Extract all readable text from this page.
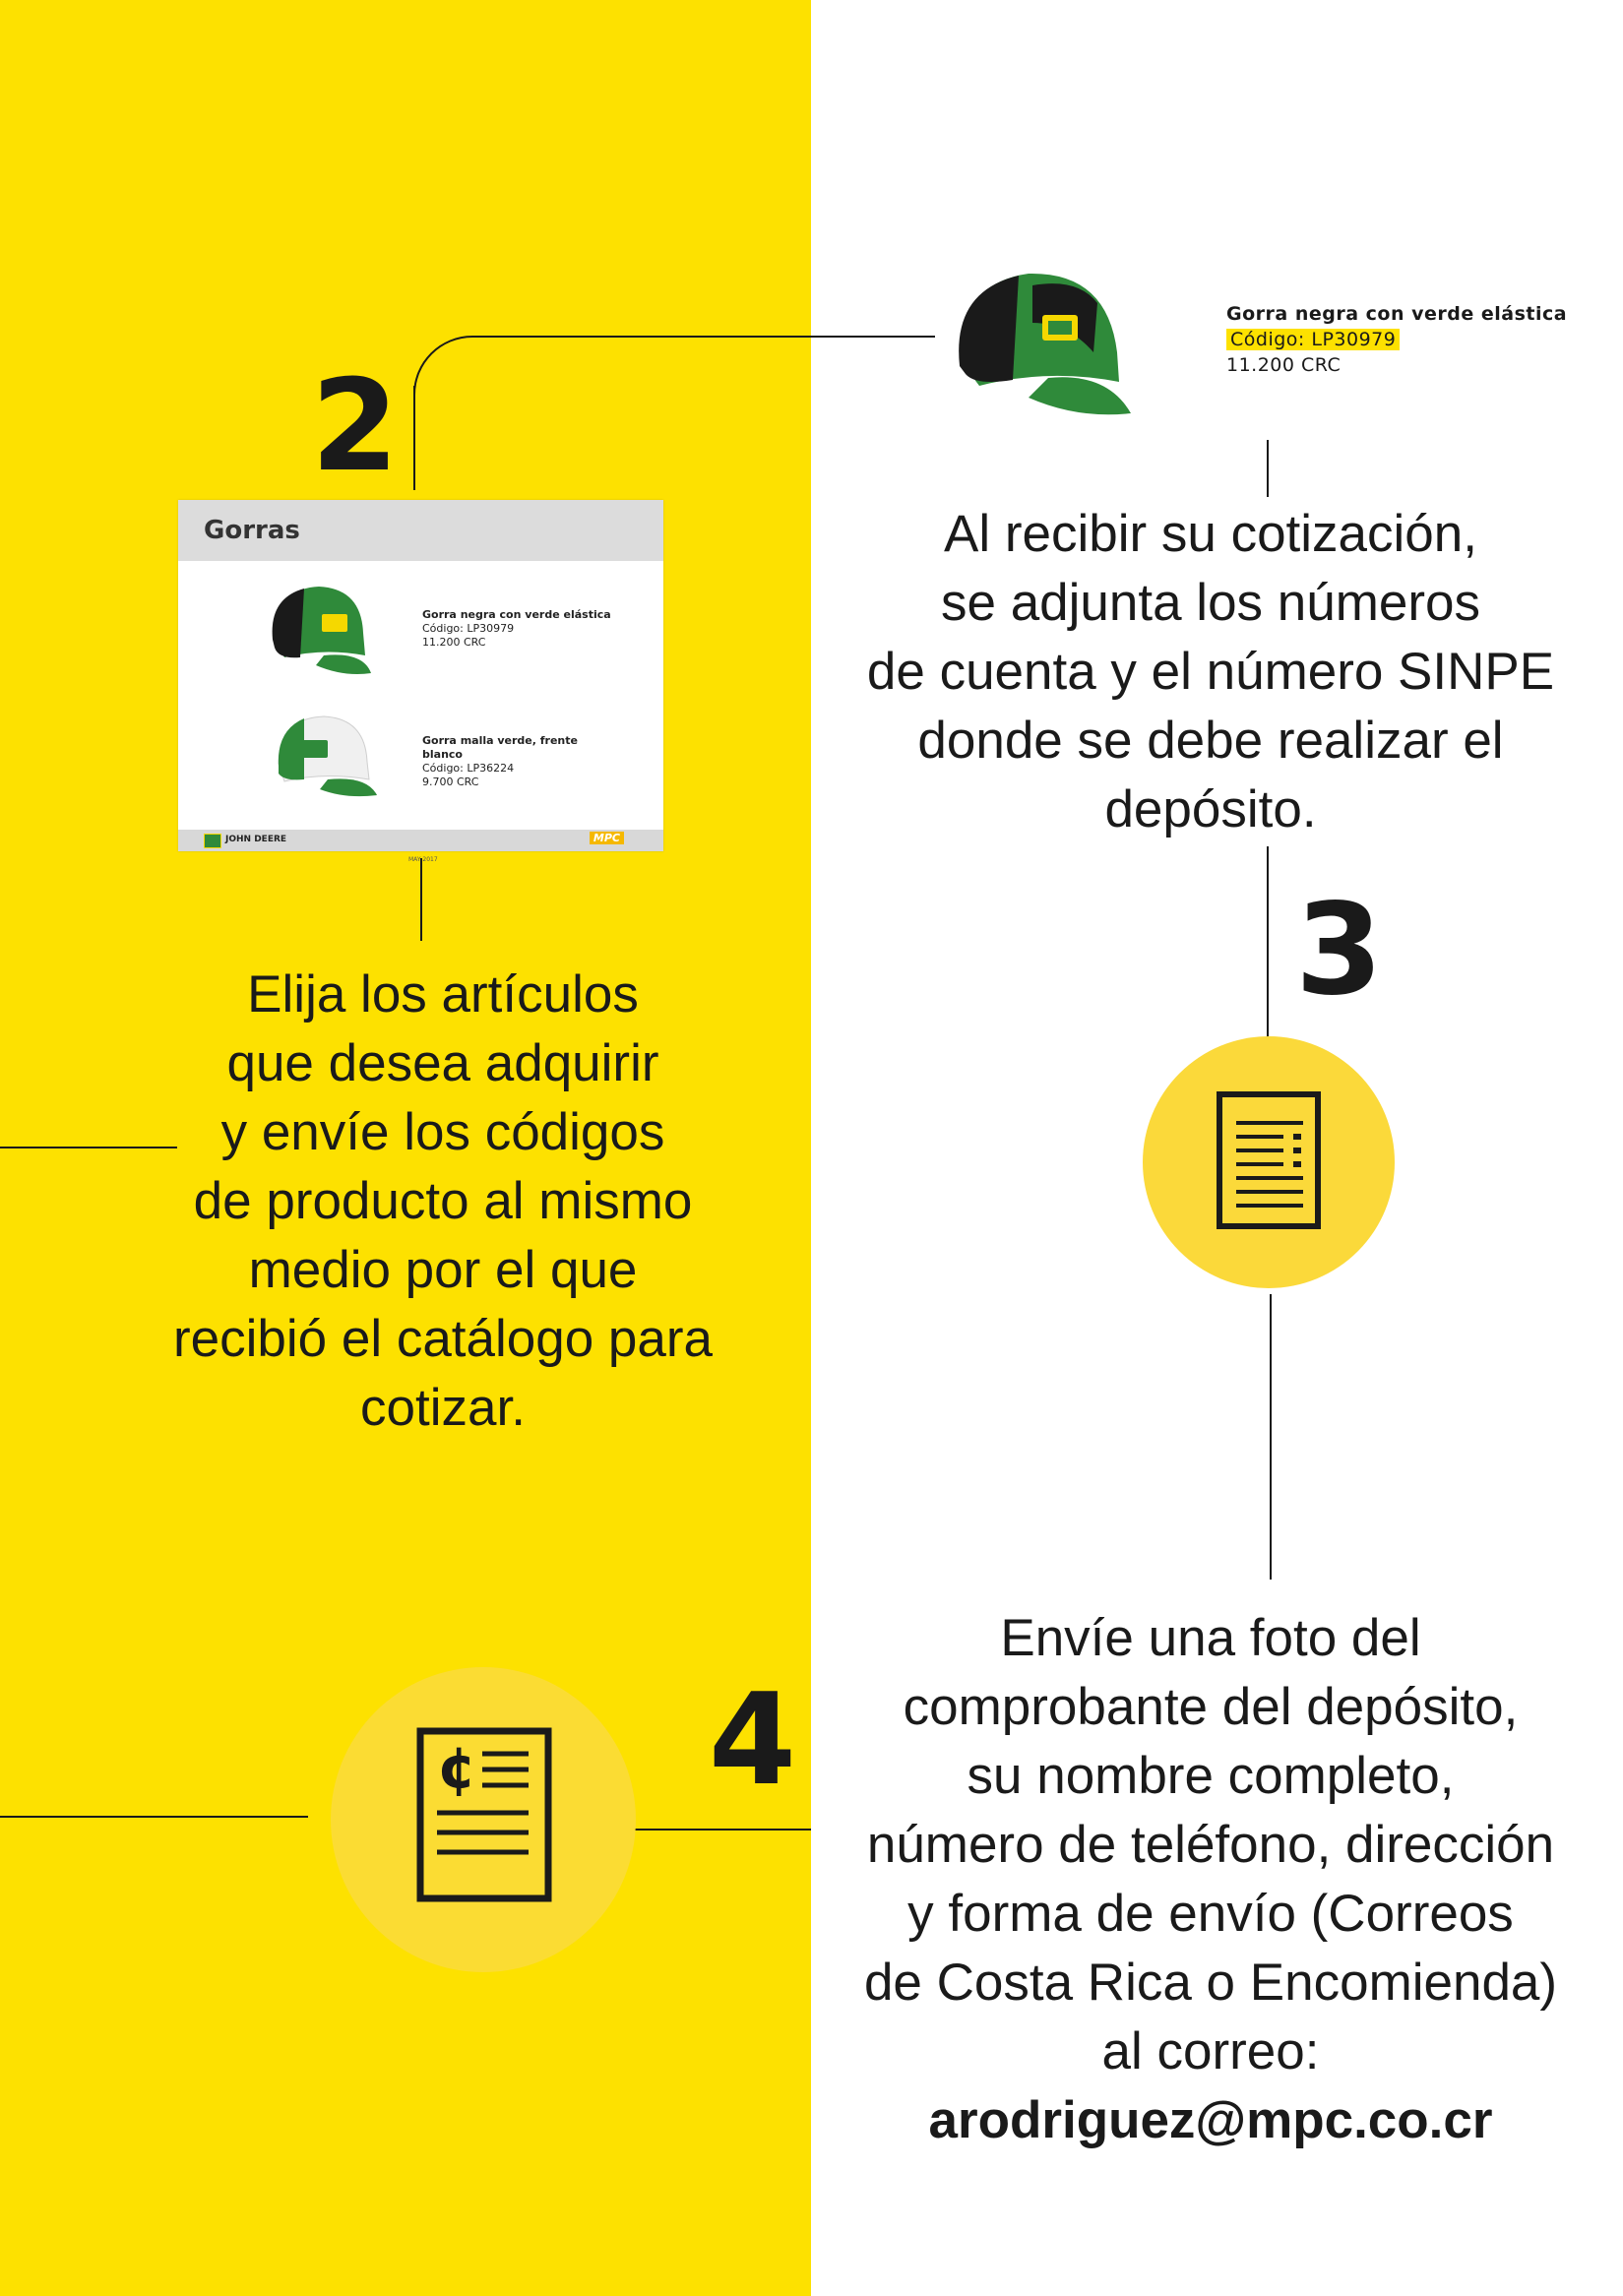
2
3
4
Gorras
Gorra negra con verde elástica
Código: LP30979
11.200 CRC
Gorra malla verde, frente
blanco
Código: LP36224
9.700 CRC
JOHN DEERE	MPC
MAY 2017
Gorra negra con verde elástica
Código: LP30979
11.200 CRC
¢
Elija los artículos
que desea adquirir
y envíe los códigos
de producto al mismo
medio por el que
recibió el catálogo para
cotizar.
Al recibir su cotización,
se adjunta los números
de cuenta y el número SINPE
donde se debe realizar el
depósito.
Envíe una foto del
comprobante del depósito,
su nombre completo,
número de teléfono, dirección
y forma de envío (Correos
de Costa Rica o Encomienda)
al correo:
arodriguez@mpc.co.cr
